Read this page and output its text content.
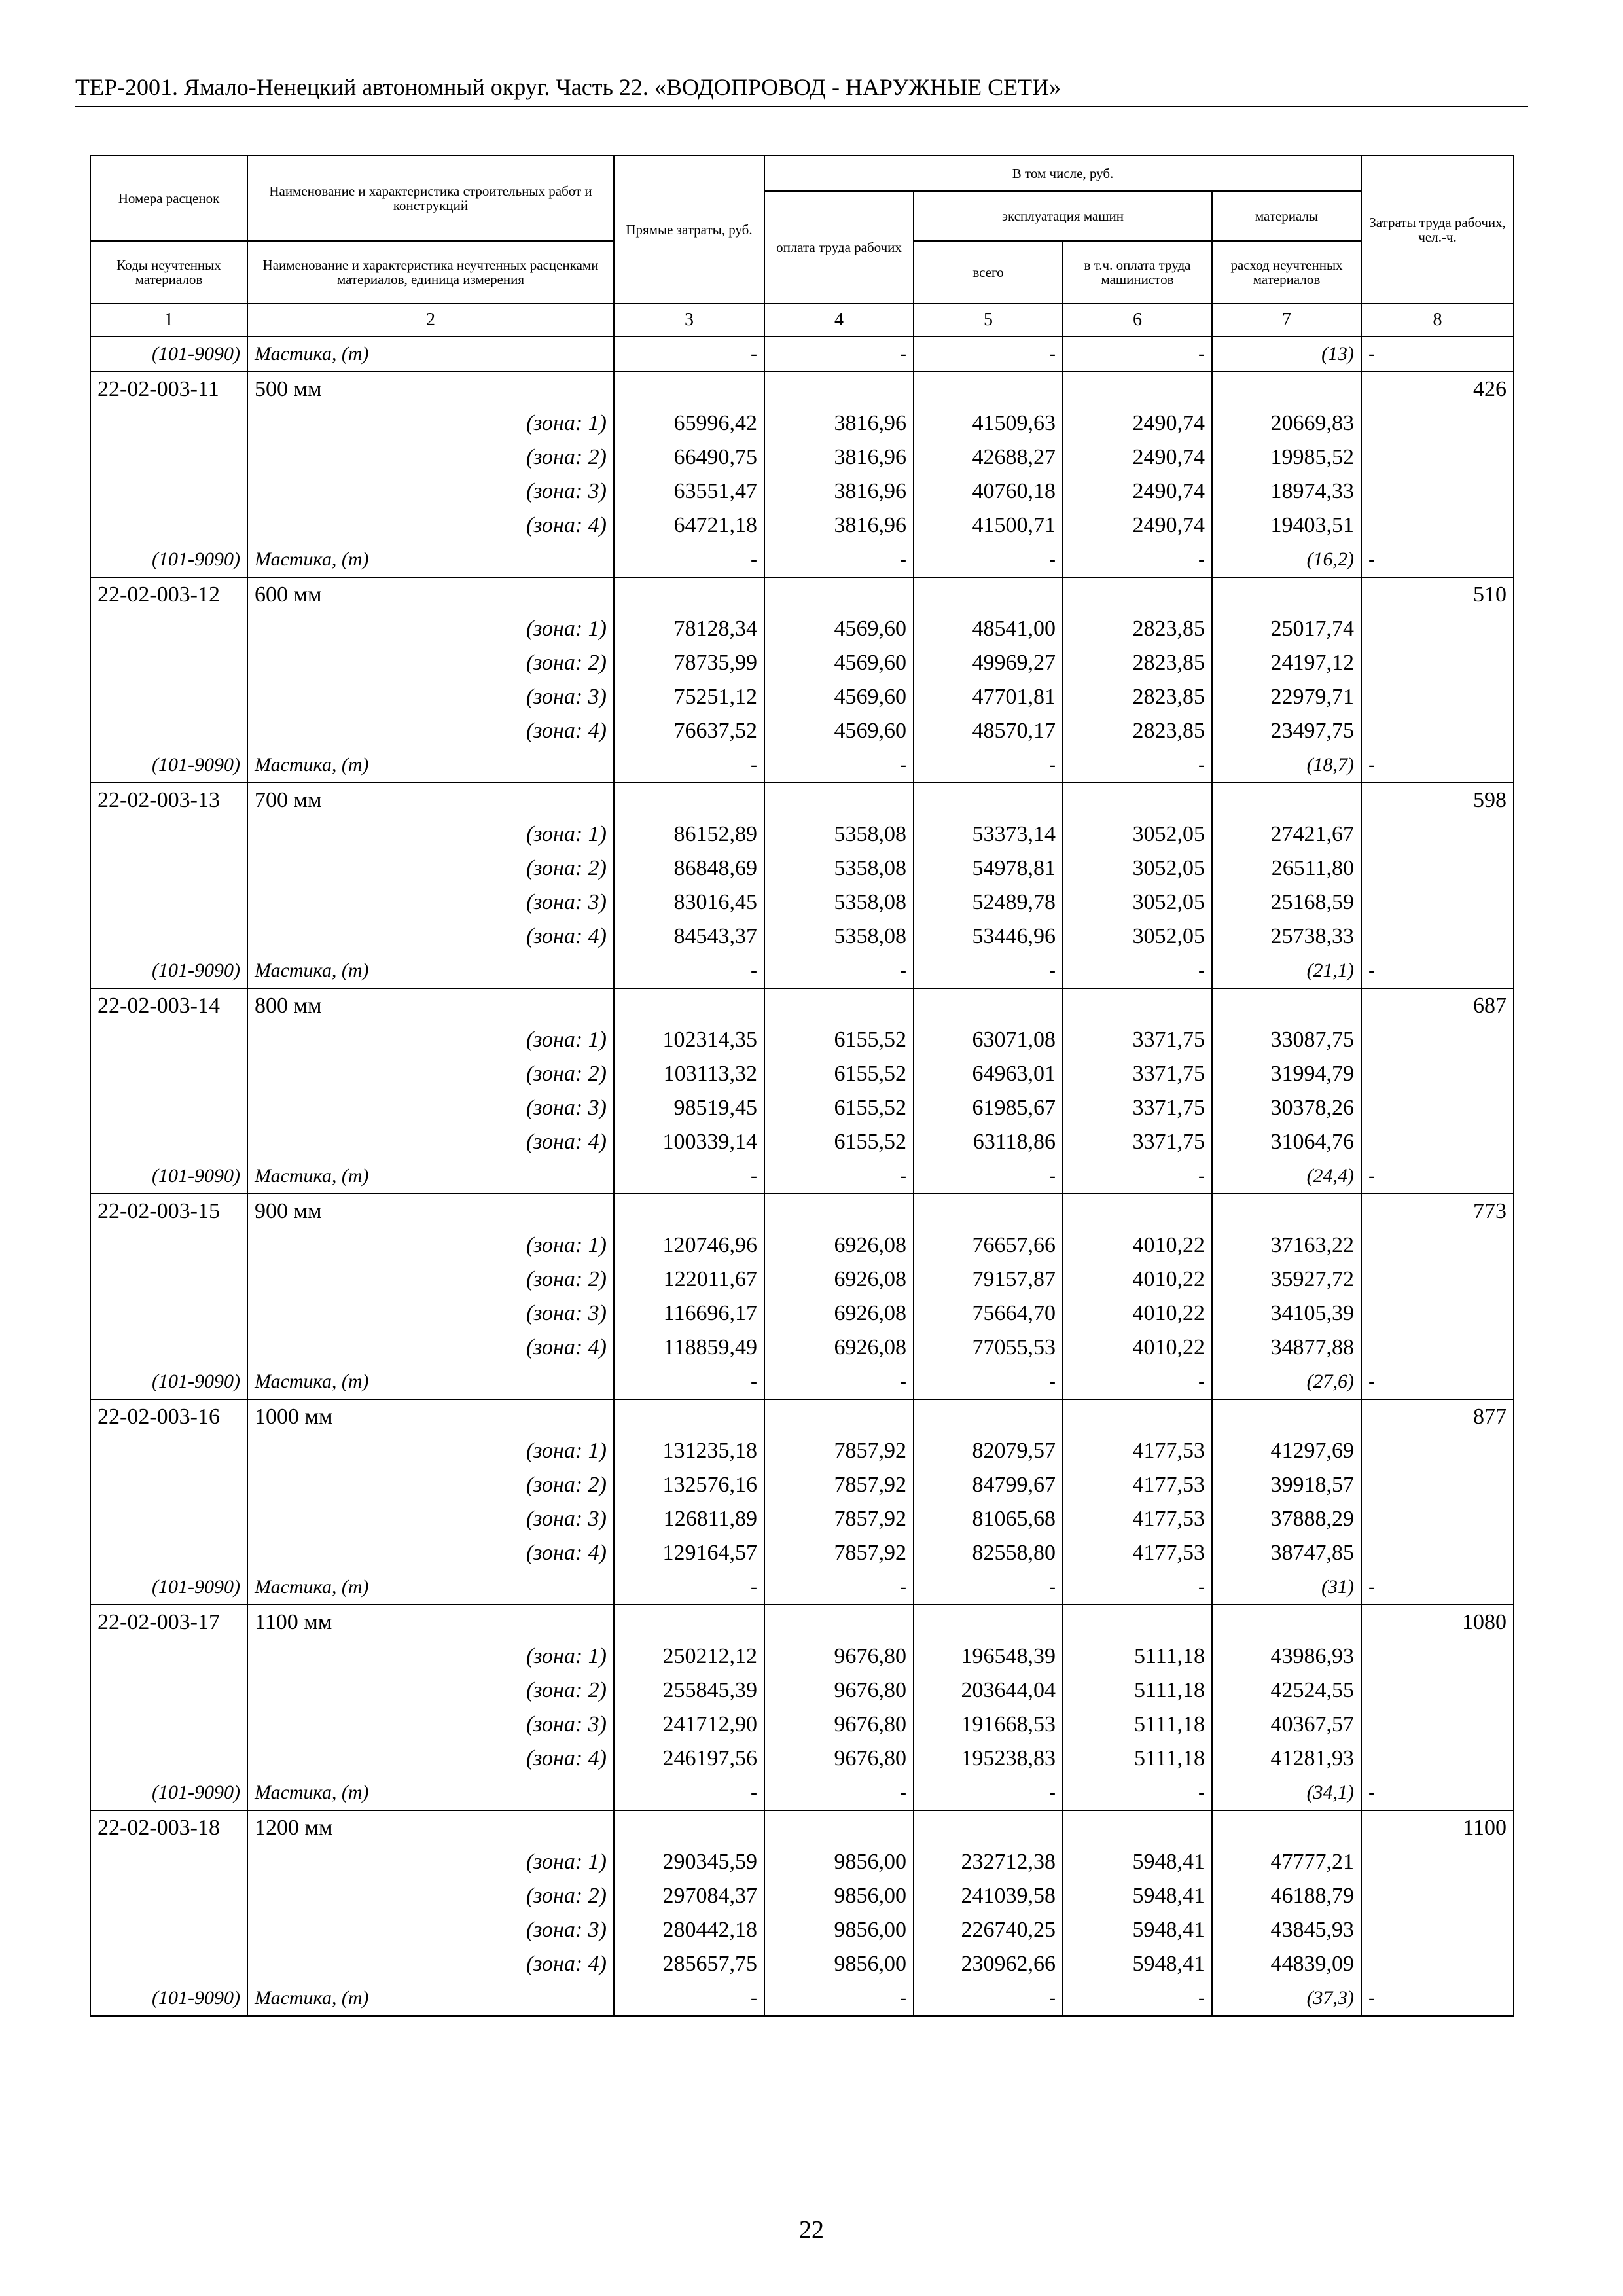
ТЕР-2001. Ямало-Ненецкий автономный округ. Часть 22. «ВОДОПРОВОД - НАРУЖНЫЕ СЕТИ»
Номера расценок	Наименование и характеристика строительных работ и конструкций	Прямые затраты, руб.	В том числе, руб.				Затраты труда рабочих, чел.-ч.
			оплата труда рабочих	эксплуатация машин		материалы	
Коды неучтенных материалов	Наименование и характеристика неучтенных расценками материалов, единица измерения			всего	в т.ч. оплата труда машинистов	расход неучтенных материалов	

1	2	3	4	5	6	7	8
(101-9090)	Мастика, (т)	-	-	-	-	(13)	-
22-02-003-11	500 мм						426
	(зона: 1)	65996,42	3816,96	41509,63	2490,74	20669,83	
	(зона: 2)	66490,75	3816,96	42688,27	2490,74	19985,52	
	(зона: 3)	63551,47	3816,96	40760,18	2490,74	18974,33	
	(зона: 4)	64721,18	3816,96	41500,71	2490,74	19403,51	
(101-9090)	Мастика, (т)	-	-	-	-	(16,2)	-
22-02-003-12	600 мм						510
	(зона: 1)	78128,34	4569,60	48541,00	2823,85	25017,74	
	(зона: 2)	78735,99	4569,60	49969,27	2823,85	24197,12	
	(зона: 3)	75251,12	4569,60	47701,81	2823,85	22979,71	
	(зона: 4)	76637,52	4569,60	48570,17	2823,85	23497,75	
(101-9090)	Мастика, (т)	-	-	-	-	(18,7)	-
22-02-003-13	700 мм						598
	(зона: 1)	86152,89	5358,08	53373,14	3052,05	27421,67	
	(зона: 2)	86848,69	5358,08	54978,81	3052,05	26511,80	
	(зона: 3)	83016,45	5358,08	52489,78	3052,05	25168,59	
	(зона: 4)	84543,37	5358,08	53446,96	3052,05	25738,33	
(101-9090)	Мастика, (т)	-	-	-	-	(21,1)	-
22-02-003-14	800 мм						687
	(зона: 1)	102314,35	6155,52	63071,08	3371,75	33087,75	
	(зона: 2)	103113,32	6155,52	64963,01	3371,75	31994,79	
	(зона: 3)	98519,45	6155,52	61985,67	3371,75	30378,26	
	(зона: 4)	100339,14	6155,52	63118,86	3371,75	31064,76	
(101-9090)	Мастика, (т)	-	-	-	-	(24,4)	-
22-02-003-15	900 мм						773
	(зона: 1)	120746,96	6926,08	76657,66	4010,22	37163,22	
	(зона: 2)	122011,67	6926,08	79157,87	4010,22	35927,72	
	(зона: 3)	116696,17	6926,08	75664,70	4010,22	34105,39	
	(зона: 4)	118859,49	6926,08	77055,53	4010,22	34877,88	
(101-9090)	Мастика, (т)	-	-	-	-	(27,6)	-
22-02-003-16	1000 мм						877
	(зона: 1)	131235,18	7857,92	82079,57	4177,53	41297,69	
	(зона: 2)	132576,16	7857,92	84799,67	4177,53	39918,57	
	(зона: 3)	126811,89	7857,92	81065,68	4177,53	37888,29	
	(зона: 4)	129164,57	7857,92	82558,80	4177,53	38747,85	
(101-9090)	Мастика, (т)	-	-	-	-	(31)	-
22-02-003-17	1100 мм						1080
	(зона: 1)	250212,12	9676,80	196548,39	5111,18	43986,93	
	(зона: 2)	255845,39	9676,80	203644,04	5111,18	42524,55	
	(зона: 3)	241712,90	9676,80	191668,53	5111,18	40367,57	
	(зона: 4)	246197,56	9676,80	195238,83	5111,18	41281,93	
(101-9090)	Мастика, (т)	-	-	-	-	(34,1)	-
22-02-003-18	1200 мм						1100
	(зона: 1)	290345,59	9856,00	232712,38	5948,41	47777,21	
	(зона: 2)	297084,37	9856,00	241039,58	5948,41	46188,79	
	(зона: 3)	280442,18	9856,00	226740,25	5948,41	43845,93	
	(зона: 4)	285657,75	9856,00	230962,66	5948,41	44839,09	
(101-9090)	Мастика, (т)	-	-	-	-	(37,3)	-
22
